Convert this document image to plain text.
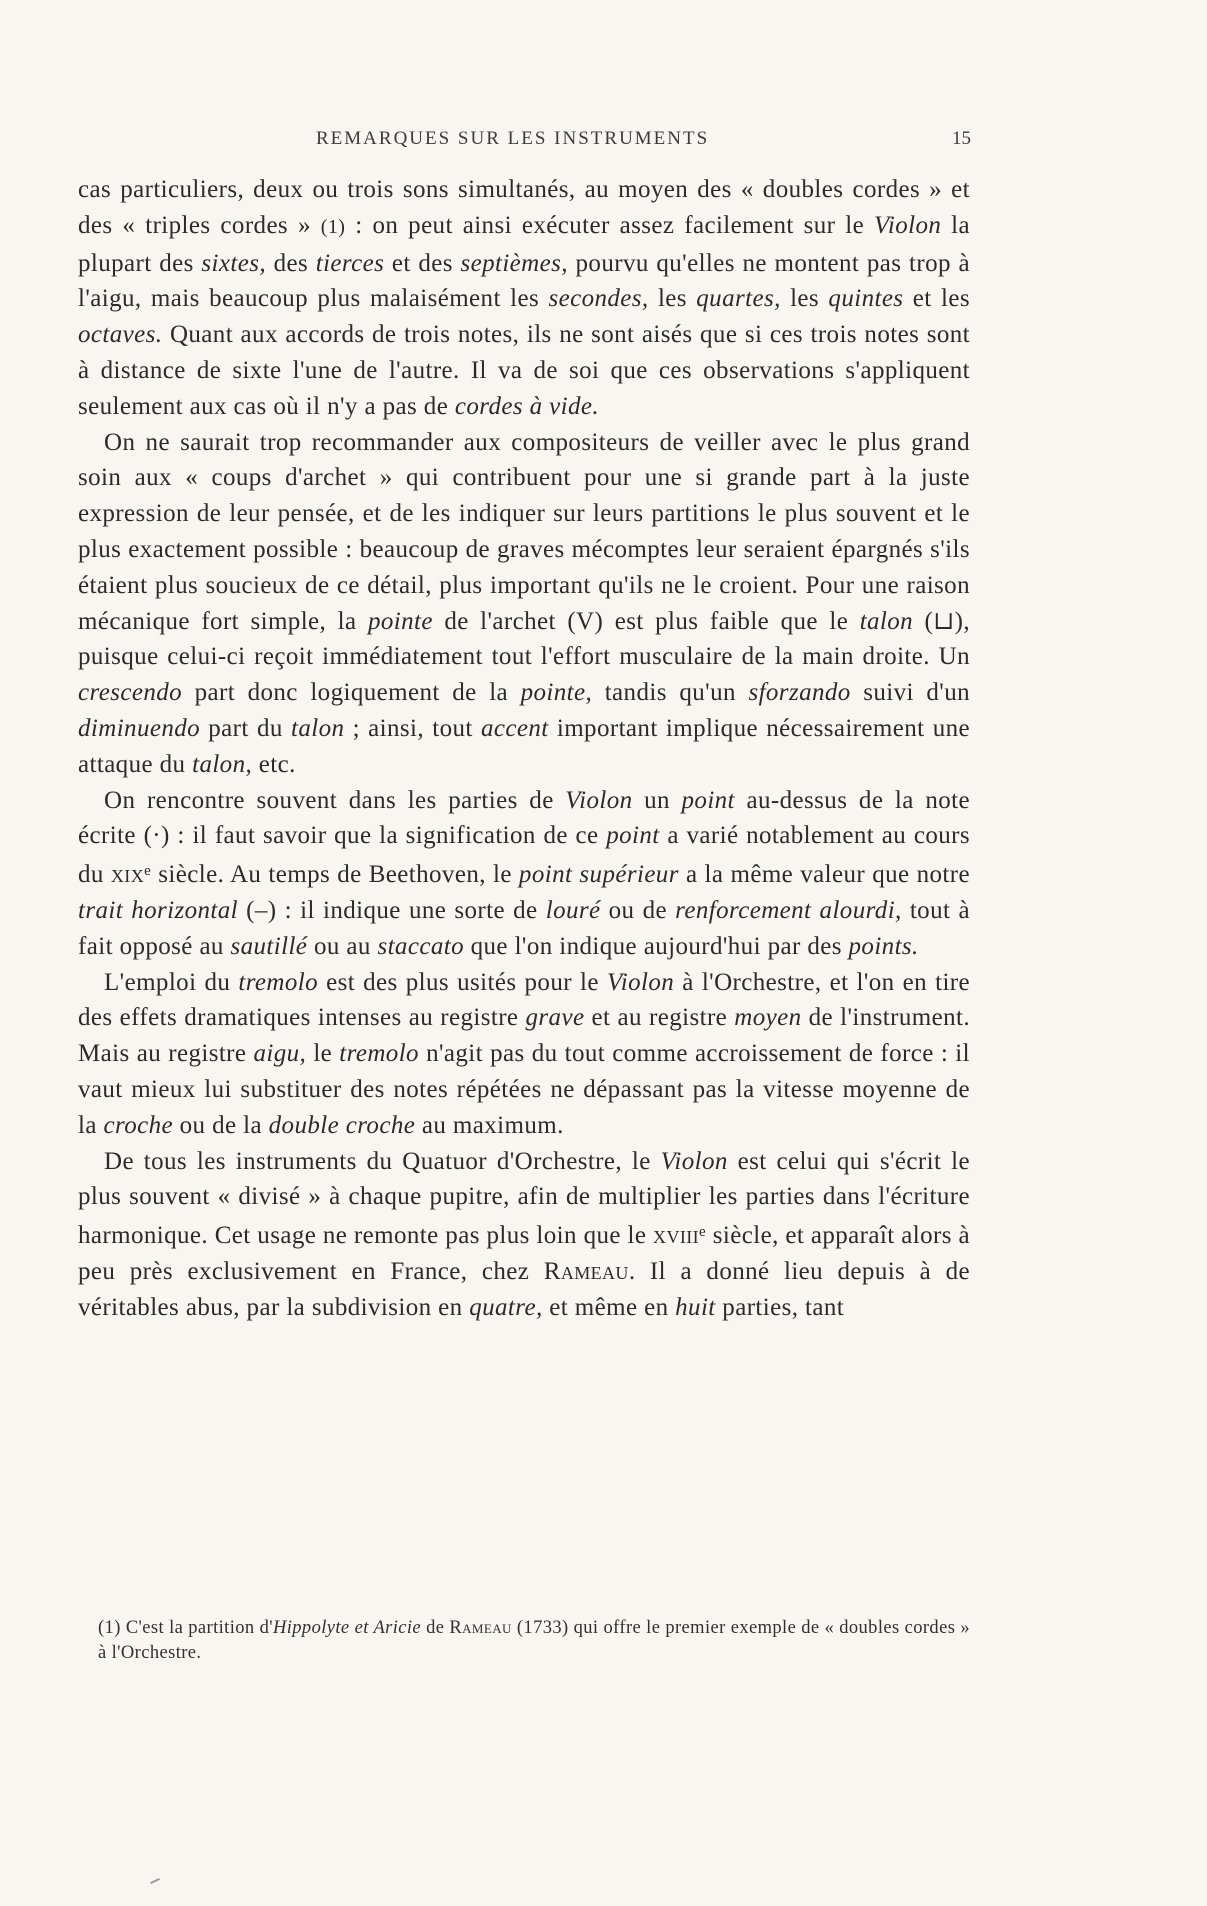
REMARQUES SUR LES INSTRUMENTS	15

cas particuliers, deux ou trois sons simultanés, au moyen des « doubles cordes » et des « triples cordes » (1) : on peut ainsi exécuter assez facilement sur le Violon la plupart des sixtes, des tierces et des septièmes, pourvu qu'elles ne montent pas trop à l'aigu, mais beaucoup plus malaisément les secondes, les quartes, les quintes et les octaves. Quant aux accords de trois notes, ils ne sont aisés que si ces trois notes sont à distance de sixte l'une de l'autre. Il va de soi que ces observations s'appliquent seulement aux cas où il n'y a pas de cordes à vide.

On ne saurait trop recommander aux compositeurs de veiller avec le plus grand soin aux « coups d'archet » qui contribuent pour une si grande part à la juste expression de leur pensée, et de les indiquer sur leurs partitions le plus souvent et le plus exactement possible : beaucoup de graves mécomptes leur seraient épargnés s'ils étaient plus soucieux de ce détail, plus important qu'ils ne le croient. Pour une raison mécanique fort simple, la pointe de l'archet (V) est plus faible que le talon (⊔), puisque celui-ci reçoit immédiatement tout l'effort musculaire de la main droite. Un crescendo part donc logiquement de la pointe, tandis qu'un sforzando suivi d'un diminuendo part du talon ; ainsi, tout accent important implique nécessairement une attaque du talon, etc.

On rencontre souvent dans les parties de Violon un point au-dessus de la note écrite (·) : il faut savoir que la signification de ce point a varié notablement au cours du xix$^e$ siècle. Au temps de Beethoven, le point supérieur a la même valeur que notre trait horizontal (–) : il indique une sorte de louré ou de renforcement alourdi, tout à fait opposé au sautillé ou au staccato que l'on indique aujourd'hui par des points.

L'emploi du tremolo est des plus usités pour le Violon à l'Orchestre, et l'on en tire des effets dramatiques intenses au registre grave et au registre moyen de l'instrument. Mais au registre aigu, le tremolo n'agit pas du tout comme accroissement de force : il vaut mieux lui substituer des notes répétées ne dépassant pas la vitesse moyenne de la croche ou de la double croche au maximum.

De tous les instruments du Quatuor d'Orchestre, le Violon est celui qui s'écrit le plus souvent « divisé » à chaque pupitre, afin de multiplier les parties dans l'écriture harmonique. Cet usage ne remonte pas plus loin que le xviii$^e$ siècle, et apparaît alors à peu près exclusivement en France, chez Rameau. Il a donné lieu depuis à de véritables abus, par la subdivision en quatre, et même en huit parties, tant

(1) C'est la partition d'Hippolyte et Aricie de Rameau (1733) qui offre le premier exemple de « doubles cordes » à l'Orchestre.
